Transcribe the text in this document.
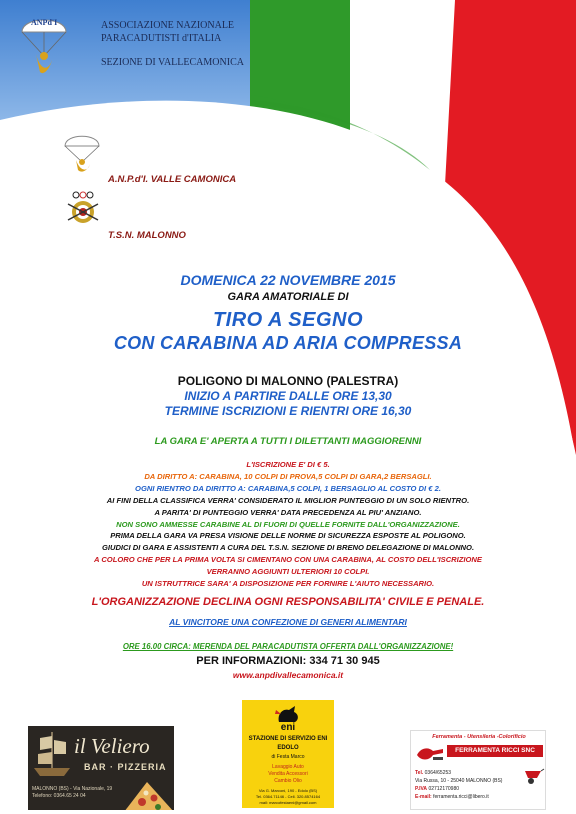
ANPd'I	ASSOCIAZIONE NAZIONALE
PARACADUTISTI d'ITALIA
SEZIONE DI VALLECAMONICA
A.N.P.d'I. VALLE CAMONICA
T.S.N. MALONNO
DOMENICA 22 NOVEMBRE 2015
GARA AMATORIALE DI
TIRO A SEGNO
CON CARABINA AD ARIA COMPRESSA
POLIGONO DI MALONNO (PALESTRA)
INIZIO A PARTIRE DALLE ORE 13,30
TERMINE ISCRIZIONI E RIENTRI ORE 16,30
LA GARA E' APERTA A TUTTI I DILETTANTI MAGGIORENNI
L'ISCRIZIONE E' DI € 5.
DA DIRITTO A: CARABINA, 10 COLPI DI PROVA,5 COLPI DI GARA,2 BERSAGLI.
OGNI RIENTRO DA DIRITTO A: CARABINA,5 COLPI, 1 BERSAGLIO AL COSTO DI € 2.
AI FINI DELLA CLASSIFICA VERRA' CONSIDERATO IL MIGLIOR PUNTEGGIO DI UN SOLO RIENTRO.
A PARITA' DI PUNTEGGIO VERRA' DATA PRECEDENZA AL PIU' ANZIANO.
NON SONO AMMESSE CARABINE AL DI FUORI DI QUELLE FORNITE DALL'ORGANIZZAZIONE.
PRIMA DELLA GARA VA PRESA VISIONE DELLE NORME DI SICUREZZA ESPOSTE AL POLIGONO.
GIUDICI DI GARA E ASSISTENTI A CURA DEL T.S.N. SEZIONE DI BRENO DELEGAZIONE DI MALONNO.
A COLORO CHE PER LA PRIMA VOLTA SI CIMENTANO CON UNA CARABINA, AL COSTO DELL'ISCRIZIONE
VERRANNO AGGIUNTI ULTERIORI 10 COLPI.
UN ISTRUTTRICE SARA' A DISPOSIZIONE PER FORNIRE L'AIUTO NECESSARIO.
L'ORGANIZZAZIONE DECLINA OGNI RESPONSABILITA' CIVILE E PENALE.
AL VINCITORE UNA CONFEZIONE DI GENERI ALIMENTARI
ORE 16.00 CIRCA: MERENDA DEL PARACADUTISTA OFFERTA DALL'ORGANIZZAZIONE!
PER INFORMAZIONI: 334 71 30 945
www.anpdivallecamonica.it
il Veliero
BAR · PIZZERIA
MALONNO (BS) - Via Nazionale, 19
Telefono: 0364.65 24 04
eni
STAZIONE DI SERVIZIO ENI
EDOLO
di Festa Marco
Lavaggio Auto
Vendita Accessori
Cambio Olio
Via G. Marconi, 190 - Edolo (BS)
Tel. 0364.71146 - Cell. 320.8574164
mail: marcofestaeni@gmail.com
Ferramenta - Utensileria -Colorificio
FERRAMENTA RICCI SNC
Tel. 0364/65253
Via Russa, 10 - 25040 MALONNO (BS)
P.IVA 02712170980
E-mail: ferramenta.ricci@libero.it
